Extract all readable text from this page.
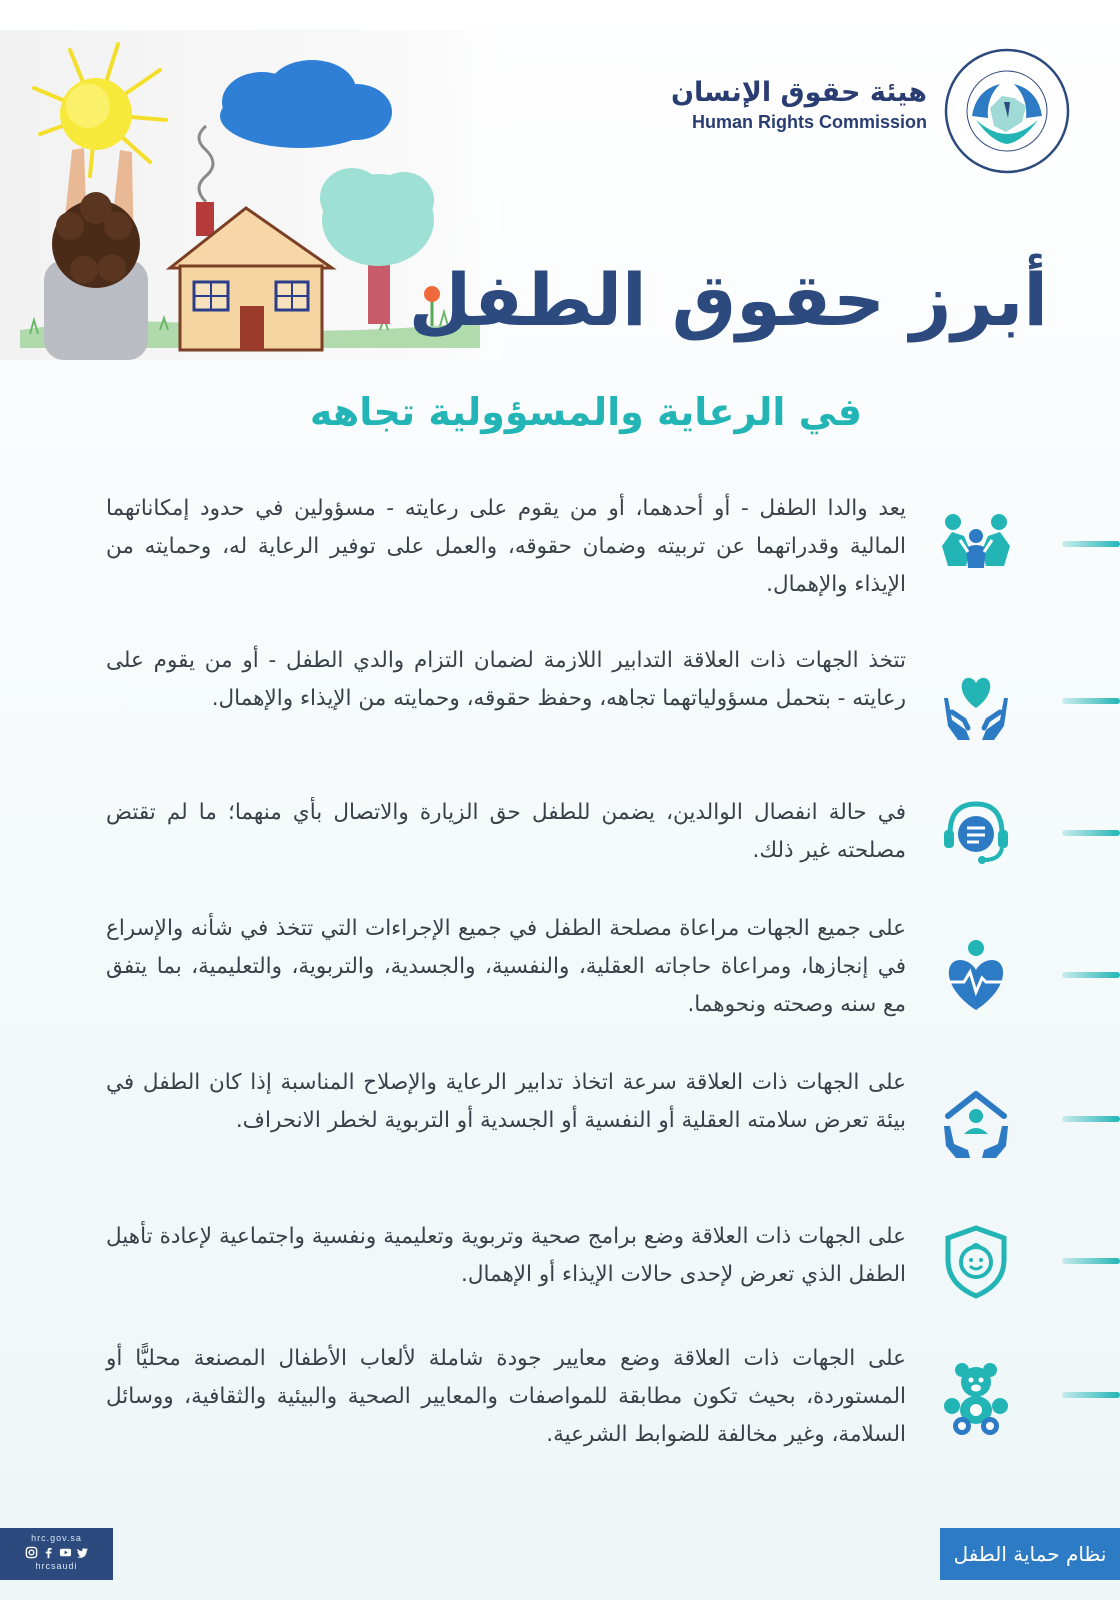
هيئة حقوق الإنسان
Human Rights Commission
أبرز حقوق الطفل
في الرعاية والمسؤولية تجاهه

يعد والدا الطفل - أو أحدهما، أو من يقوم على رعايته - مسؤولين في حدود إمكاناتهما المالية وقدراتهما عن تربيته وضمان حقوقه، والعمل على توفير الرعاية له، وحمايته من الإيذاء والإهمال.

تتخذ الجهات ذات العلاقة التدابير اللازمة لضمان التزام والدي الطفل - أو من يقوم على رعايته - بتحمل مسؤولياتهما تجاهه، وحفظ حقوقه، وحمايته من الإيذاء والإهمال.

في حالة انفصال الوالدين، يضمن للطفل حق الزيارة والاتصال بأي منهما؛ ما لم تقتض مصلحته غير ذلك.

على جميع الجهات مراعاة مصلحة الطفل في جميع الإجراءات التي تتخذ في شأنه والإسراع في إنجازها، ومراعاة حاجاته العقلية، والنفسية، والجسدية، والتربوية، والتعليمية، بما يتفق مع سنه وصحته ونحوهما.

على الجهات ذات العلاقة سرعة اتخاذ تدابير الرعاية والإصلاح المناسبة إذا كان الطفل في بيئة تعرض سلامته العقلية أو النفسية أو الجسدية أو التربوية لخطر الانحراف.

على الجهات ذات العلاقة وضع برامج صحية وتربوية وتعليمية ونفسية واجتماعية لإعادة تأهيل الطفل الذي تعرض لإحدى حالات الإيذاء أو الإهمال.

على الجهات ذات العلاقة وضع معايير جودة شاملة لألعاب الأطفال المصنعة محليًّا أو المستوردة، بحيث تكون مطابقة للمواصفات والمعايير الصحية والبيئية والثقافية، ووسائل السلامة، وغير مخالفة للضوابط الشرعية.

hrc.gov.sa
hrcsaudi	نظام حماية الطفل
